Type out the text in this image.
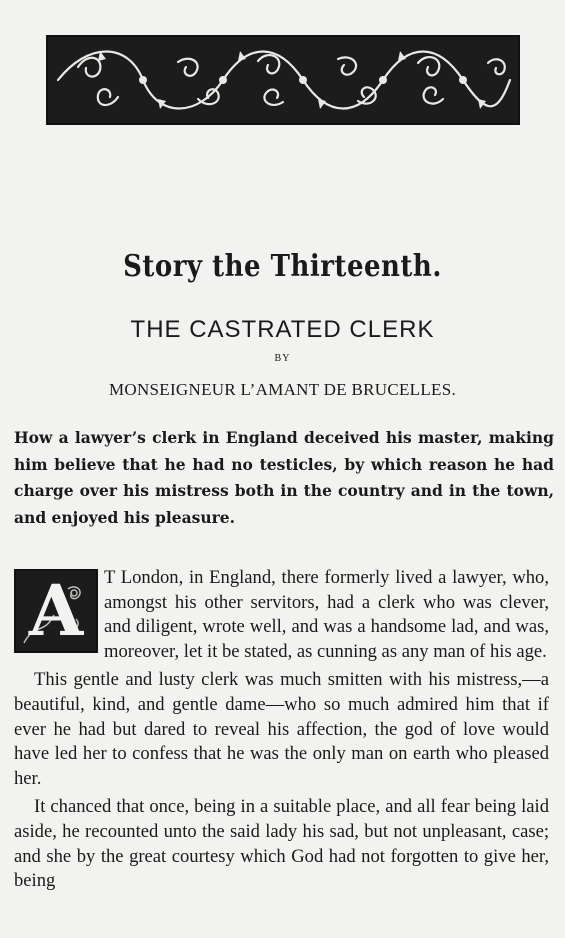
Story the Thirteenth.
THE CASTRATED CLERK
BY
MONSEIGNEUR L’AMANT DE BRUCELLES.
How a lawyer’s clerk in England deceived his master, making him believe that he had no testicles, by which reason he had charge over his mistress both in the country and in the town, and enjoyed his pleasure.

A	T London, in England, there formerly lived a lawyer, who, amongst his other servitors, had a clerk who was clever, and diligent, wrote well, and was a handsome lad, and was, moreover, let it be stated, as cunning as any man of his age.

This gentle and lusty clerk was much smitten with his mistress,—a beautiful, kind, and gentle dame—who so much admired him that if ever he had but dared to reveal his affection, the god of love would have led her to confess that he was the only man on earth who pleased her.

It chanced that once, being in a suitable place, and all fear being laid aside, he recounted unto the said lady his sad, but not unpleasant, case; and she by the great courtesy which God had not forgotten to give her, being
